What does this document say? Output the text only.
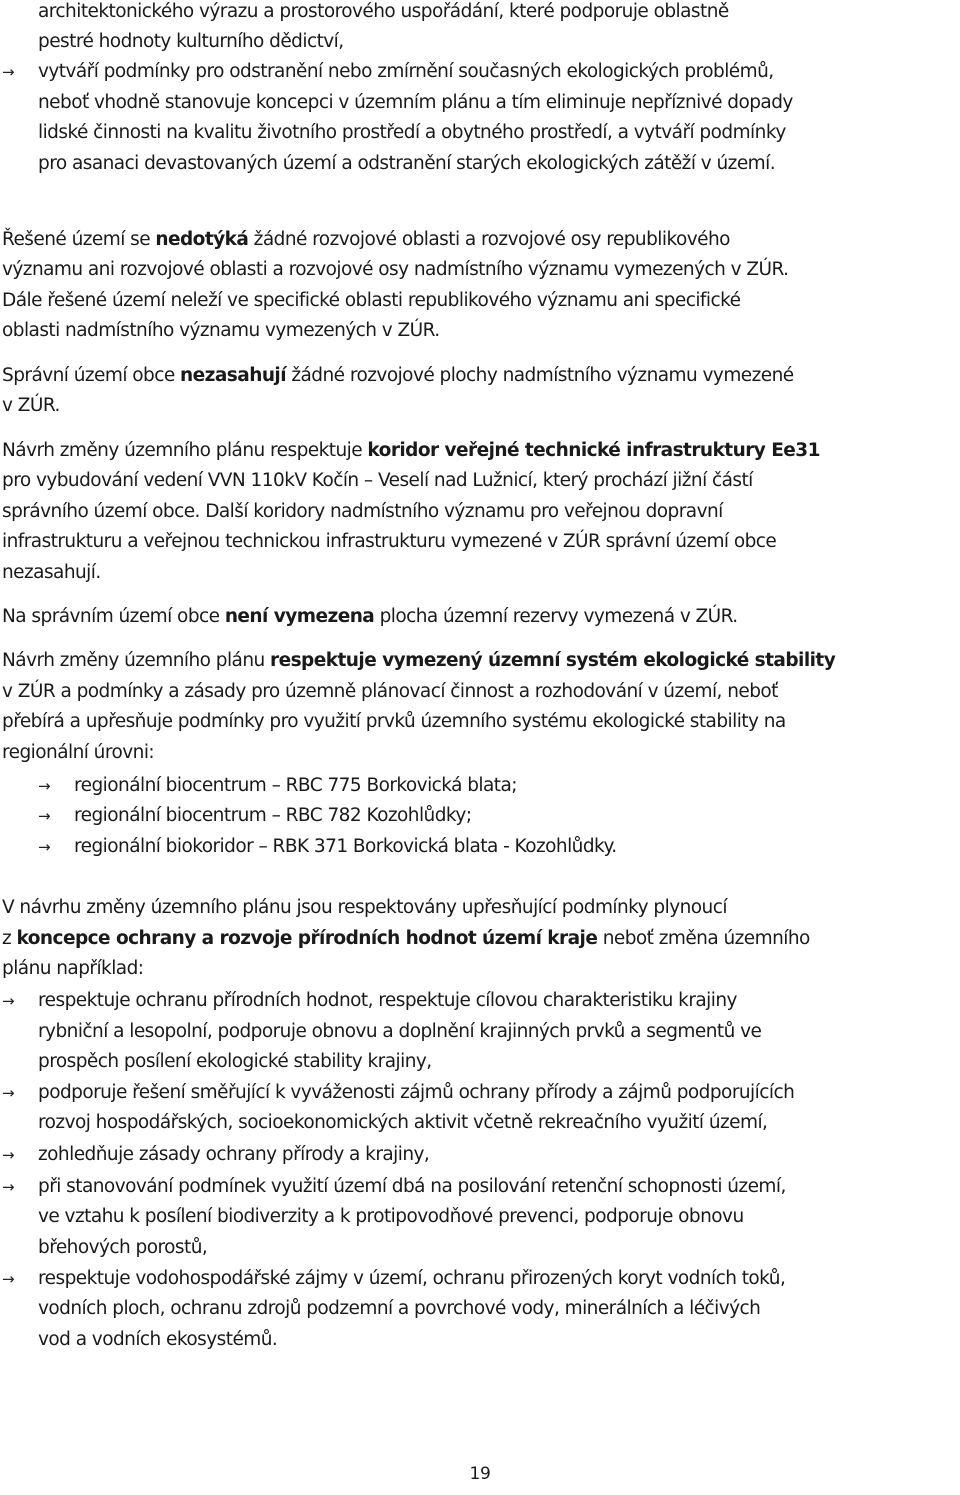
architektonického výrazu a prostorového uspořádání, které podporuje oblastně
pestré hodnoty kulturního dědictví,
→ vytváří podmínky pro odstranění nebo zmírnění současných ekologických problémů,
neboť vhodně stanovuje koncepci v územním plánu a tím eliminuje nepříznivé dopady
lidské činnosti na kvalitu životního prostředí a obytného prostředí, a vytváří podmínky
pro asanaci devastovaných území a odstranění starých ekologických zátěží v území.
Řešené území se nedotýká žádné rozvojové oblasti a rozvojové osy republikového
významu ani rozvojové oblasti a rozvojové osy nadmístního významu vymezených v ZÚR.
Dále řešené území neleží ve specifické oblasti republikového významu ani specifické
oblasti nadmístního významu vymezených v ZÚR.
Správní území obce nezasahují žádné rozvojové plochy nadmístního významu vymezené
v ZÚR.
Návrh změny územního plánu respektuje koridor veřejné technické infrastruktury Ee31
pro vybudování vedení VVN 110kV Kočín – Veselí nad Lužnicí, který prochází jižní částí
správního území obce. Další koridory nadmístního významu pro veřejnou dopravní
infrastrukturu a veřejnou technickou infrastrukturu vymezené v ZÚR správní území obce
nezasahují.
Na správním území obce není vymezena plocha územní rezervy vymezená v ZÚR.
Návrh změny územního plánu respektuje vymezený územní systém ekologické stability
v ZÚR a podmínky a zásady pro územně plánovací činnost a rozhodování v území, neboť
přebírá a upřesňuje podmínky pro využití prvků územního systému ekologické stability na
regionální úrovni:
→ regionální biocentrum – RBC 775 Borkovická blata;
→ regionální biocentrum – RBC 782 Kozohlůdky;
→ regionální biokoridor – RBK 371 Borkovická blata - Kozohlůdky.
V návrhu změny územního plánu jsou respektovány upřesňující podmínky plynoucí
z koncepce ochrany a rozvoje přírodních hodnot území kraje neboť změna územního
plánu například:
→ respektuje ochranu přírodních hodnot, respektuje cílovou charakteristiku krajiny
rybniční a lesopolní, podporuje obnovu a doplnění krajinných prvků a segmentů ve
prospěch posílení ekologické stability krajiny,
→ podporuje řešení směřující k vyváženosti zájmů ochrany přírody a zájmů podporujících
rozvoj hospodářských, socioekonomických aktivit včetně rekreačního využití území,
→ zohledňuje zásady ochrany přírody a krajiny,
→ při stanovování podmínek využití území dbá na posilování retenční schopnosti území,
ve vztahu k posílení biodiverzity a k protipovodňové prevenci, podporuje obnovu
břehových porostů,
→ respektuje vodohospodářské zájmy v území, ochranu přirozených koryt vodních toků,
vodních ploch, ochranu zdrojů podzemní a povrchové vody, minerálních a léčivých
vod a vodních ekosystémů.
19
